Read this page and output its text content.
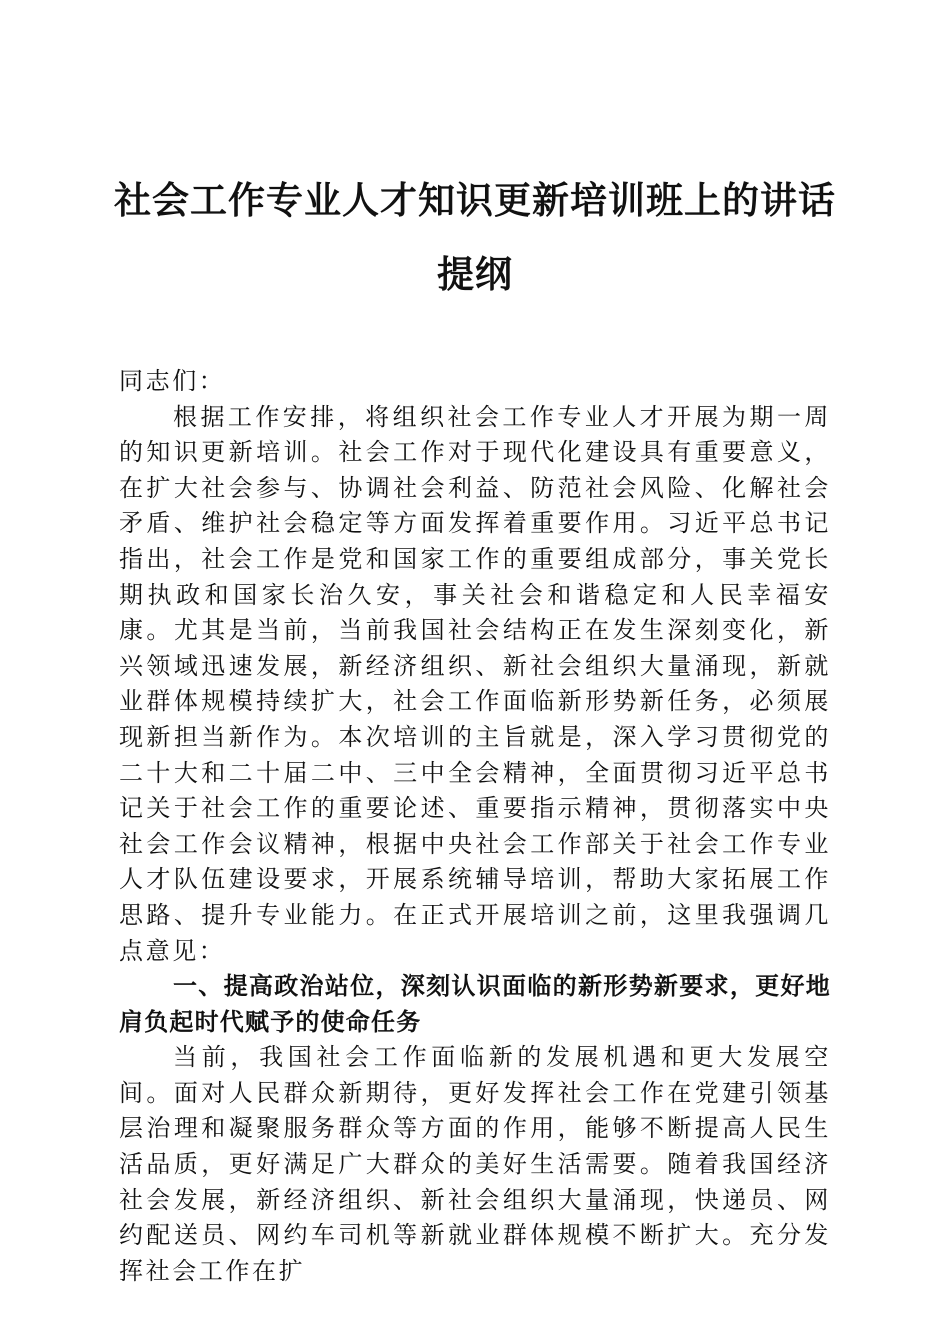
社会工作专业人才知识更新培训班上的讲话提纲

同志们：

根据工作安排，将组织社会工作专业人才开展为期一周的知识更新培训。社会工作对于现代化建设具有重要意义，在扩大社会参与、协调社会利益、防范社会风险、化解社会矛盾、维护社会稳定等方面发挥着重要作用。习近平总书记指出，社会工作是党和国家工作的重要组成部分，事关党长期执政和国家长治久安，事关社会和谐稳定和人民幸福安康。尤其是当前，当前我国社会结构正在发生深刻变化，新兴领域迅速发展，新经济组织、新社会组织大量涌现，新就业群体规模持续扩大，社会工作面临新形势新任务，必须展现新担当新作为。本次培训的主旨就是，深入学习贯彻党的二十大和二十届二中、三中全会精神，全面贯彻习近平总书记关于社会工作的重要论述、重要指示精神，贯彻落实中央社会工作会议精神，根据中央社会工作部关于社会工作专业人才队伍建设要求，开展系统辅导培训，帮助大家拓展工作思路、提升专业能力。在正式开展培训之前，这里我强调几点意见：

一、提高政治站位，深刻认识面临的新形势新要求，更好地肩负起时代赋予的使命任务

当前，我国社会工作面临新的发展机遇和更大发展空间。面对人民群众新期待，更好发挥社会工作在党建引领基层治理和凝聚服务群众等方面的作用，能够不断提高人民生活品质，更好满足广大群众的美好生活需要。随着我国经济社会发展，新经济组织、新社会组织大量涌现，快递员、网约配送员、网约车司机等新就业群体规模不断扩大。充分发挥社会工作在扩
